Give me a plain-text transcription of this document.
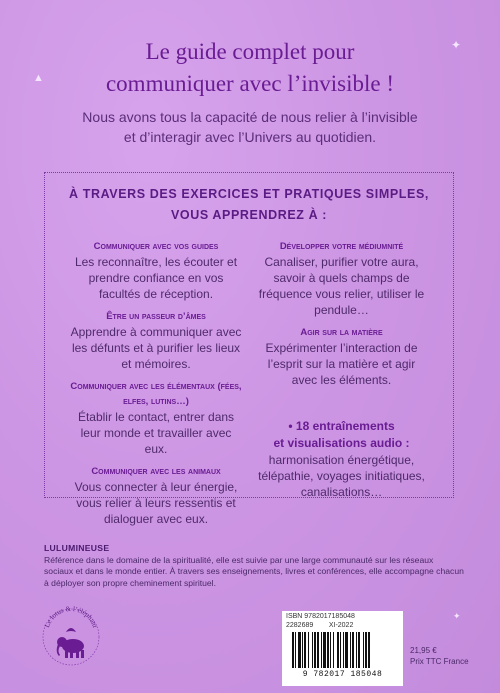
▲
✦
✦
Le guide complet pour
communiquer avec l’invisible !
Nous avons tous la capacité de nous relier à l’invisible
et d’interagir avec l’Univers au quotidien.
À TRAVERS DES EXERCICES ET PRATIQUES SIMPLES,
VOUS APPRENDREZ À :
Communiquer avec vos guides
Les reconnaître, les écouter et prendre confiance en vos facultés de réception.
Être un passeur d’âmes
Apprendre à communiquer avec les défunts et à purifier les lieux et mémoires.
Communiquer avec les élémentaux (fées, elfes, lutins…)
Établir le contact, entrer dans leur monde et travailler avec eux.
Communiquer avec les animaux
Vous connecter à leur énergie, vous relier à leurs ressentis et dialoguer avec eux.
Développer votre médiumnité
Canaliser, purifier votre aura, savoir à quels champs de fréquence vous relier, utiliser le pendule…
Agir sur la matière
Expérimenter l’interaction de l’esprit sur la matière et agir avec les éléments.
• 18 entraînements
et visualisations audio :
harmonisation énergétique, télépathie, voyages initiatiques, canalisations…
LULUMINEUSE
Référence dans le domaine de la spiritualité, elle est suivie par une large communauté sur les réseaux sociaux et dans le monde entier. À travers ses enseignements, livres et conférences, elle accompagne chacun à déployer son propre cheminement spirituel.
Le lotus & l’éléphant
ISBN 9782017185048
2282689 XI-2022
9 782017 185048
21,95 €
Prix TTC France
